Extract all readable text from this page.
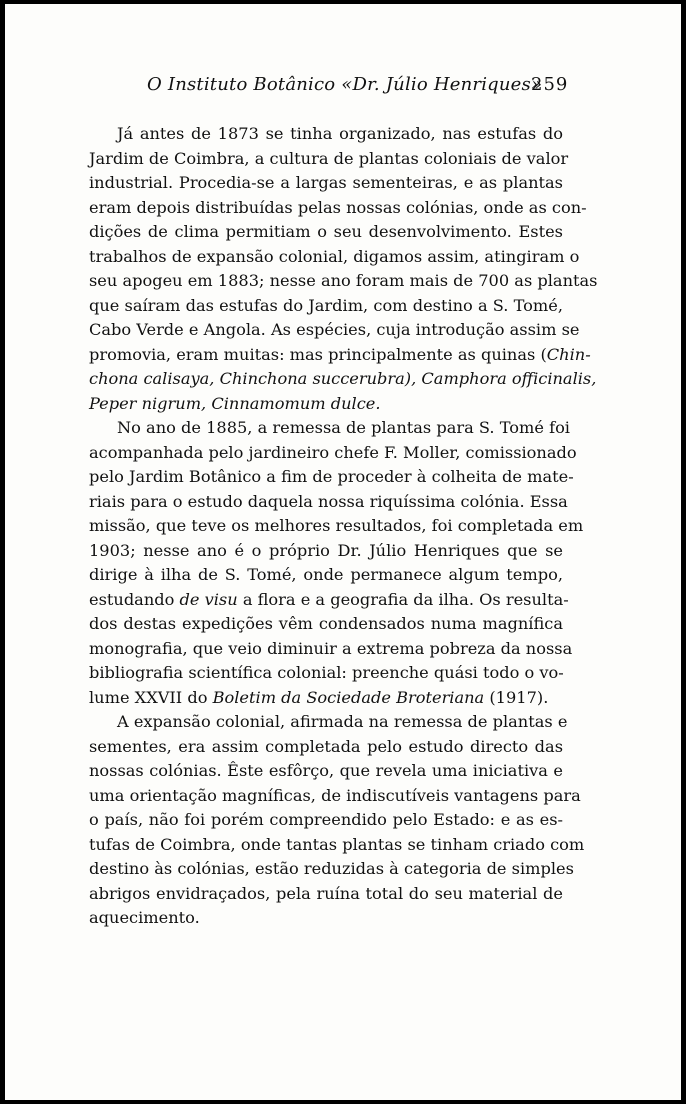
O Instituto Botânico «Dr. Júlio Henriques»
259
Já antes de 1873 se tinha organizado, nas estufas do
Jardim de Coimbra, a cultura de plantas coloniais de valor
industrial. Procedia-se a largas sementeiras, e as plantas
eram depois distribuídas pelas nossas colónias, onde as con-
dições de clima permitiam o seu desenvolvimento. Estes
trabalhos de expansão colonial, digamos assim, atingiram o
seu apogeu em 1883; nesse ano foram mais de 700 as plantas
que saíram das estufas do Jardim, com destino a S. Tomé,
Cabo Verde e Angola. As espécies, cuja introdução assim se
promovia, eram muitas: mas principalmente as quinas (Chin-
chona calisaya, Chinchona succerubra), Camphora officinalis,
Peper nigrum, Cinnamomum dulce.
No ano de 1885, a remessa de plantas para S. Tomé foi
acompanhada pelo jardineiro chefe F. Moller, comissionado
pelo Jardim Botânico a fim de proceder à colheita de mate-
riais para o estudo daquela nossa riquíssima colónia. Essa
missão, que teve os melhores resultados, foi completada em
1903; nesse ano é o próprio Dr. Júlio Henriques que se
dirige à ilha de S. Tomé, onde permanece algum tempo,
estudando de visu a flora e a geografia da ilha. Os resulta-
dos destas expedições vêm condensados numa magnífica
monografia, que veio diminuir a extrema pobreza da nossa
bibliografia scientífica colonial: preenche quási todo o vo-
lume XXVII do Boletim da Sociedade Broteriana (1917).
A expansão colonial, afirmada na remessa de plantas e
sementes, era assim completada pelo estudo directo das
nossas colónias. Êste esfôrço, que revela uma iniciativa e
uma orientação magníficas, de indiscutíveis vantagens para
o país, não foi porém compreendido pelo Estado: e as es-
tufas de Coimbra, onde tantas plantas se tinham criado com
destino às colónias, estão reduzidas à categoria de simples
abrigos envidraçados, pela ruína total do seu material de
aquecimento.
